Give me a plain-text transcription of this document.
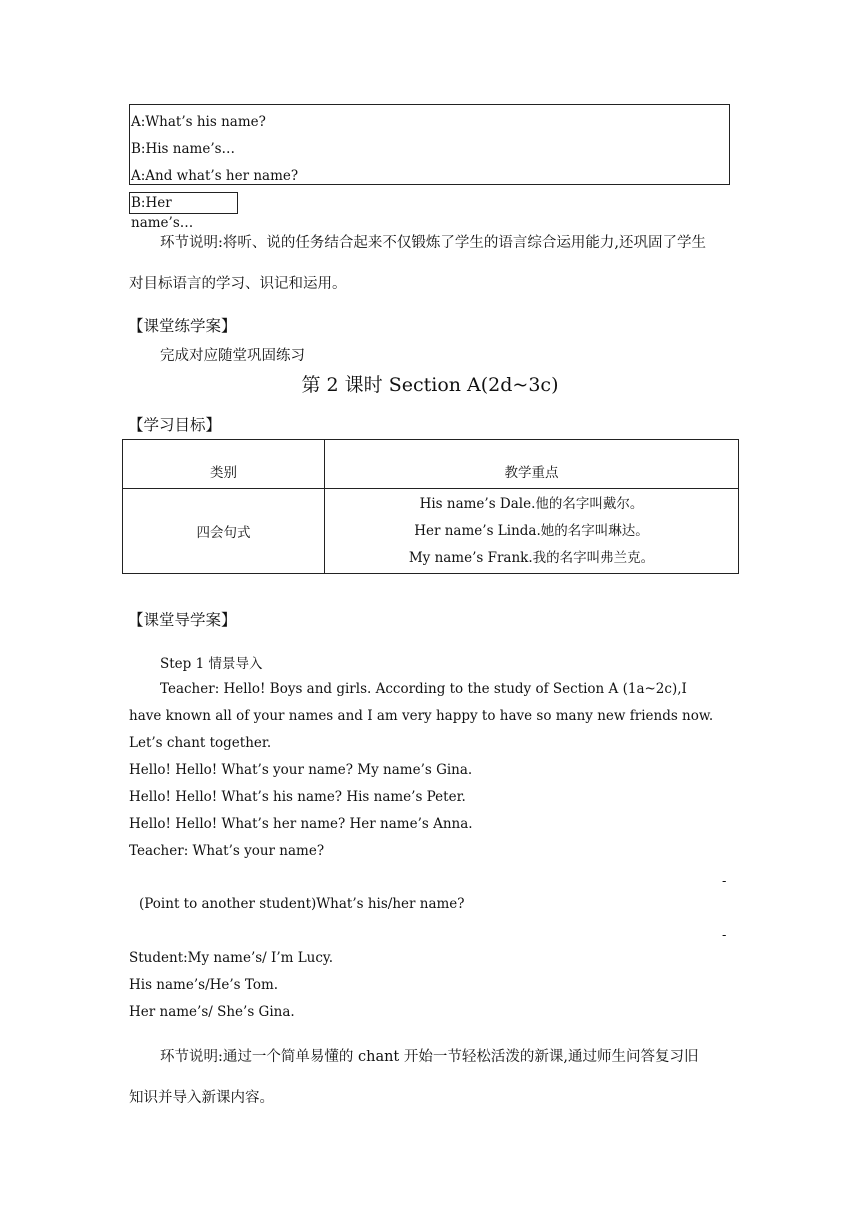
A:What’s his name?
B:His name’s…
A:And what’s her name?
B:Her name’s…
环节说明:将听、说的任务结合起来不仅锻炼了学生的语言综合运用能力,还巩固了学生
对目标语言的学习、识记和运用。
【课堂练学案】
完成对应随堂巩固练习
第 2 课时 Section A(2d~3c)
【学习目标】
类别	教学重点
四会句式	His name’s Dale.他的名字叫戴尔。
Her name’s Linda.她的名字叫琳达。
My name’s Frank.我的名字叫弗兰克。
【课堂导学案】
Step 1 情景导入
Teacher: Hello! Boys and girls. According to the study of Section A (1a~2c),I
have known all of your names and I am very happy to have so many new friends now.
Let’s chant together.
Hello! Hello! What’s your name? My name’s Gina.
Hello! Hello! What’s his name? His name’s Peter.
Hello! Hello! What’s her name? Her name’s Anna.
Teacher: What’s your name?
-
(Point to another student)What’s his/her name?
-
Student:My name’s/ I’m Lucy.
His name’s/He’s Tom.
Her name’s/ She’s Gina.
环节说明:通过一个简单易懂的 chant 开始一节轻松活泼的新课,通过师生问答复习旧
知识并导入新课内容。
